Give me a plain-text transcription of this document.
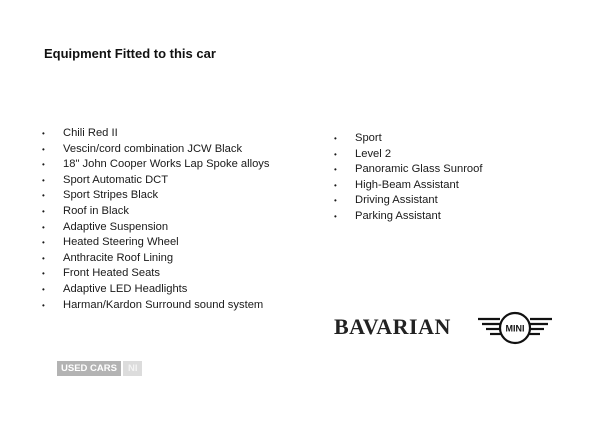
Equipment Fitted to this car
• Chili Red II
• Vescin/cord combination JCW Black
• 18" John Cooper Works Lap Spoke alloys
• Sport Automatic DCT
• Sport Stripes Black
• Roof in Black
• Adaptive Suspension
• Heated Steering Wheel
• Anthracite Roof Lining
• Front Heated Seats
• Adaptive LED Headlights
• Harman/Kardon Surround sound system
• Sport
• Level 2
• Panoramic Glass Sunroof
• High-Beam Assistant
• Driving Assistant
• Parking Assistant
BAVARIAN	MINI
USED CARS	NI
